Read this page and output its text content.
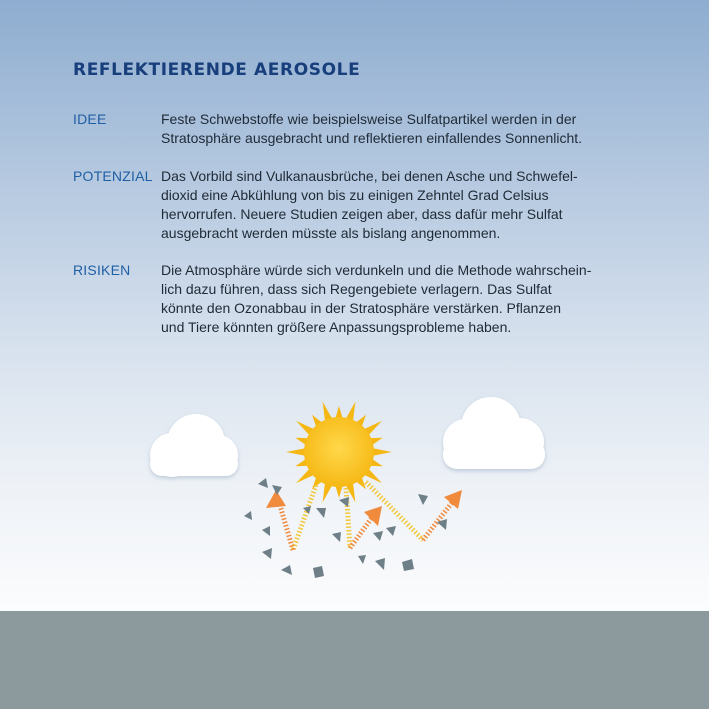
REFLEKTIERENDE AEROSOLE
IDEE	Feste Schwebstoffe wie beispielsweise Sulfatpartikel werden in der
Stratosphäre ausgebracht und reflektieren einfallendes Sonnenlicht.
POTENZIAL Das Vorbild sind Vulkanausbrüche, bei denen Asche und Schwefel-
dioxid eine Abkühlung von bis zu einigen Zehntel Grad Celsius
hervorrufen. Neuere Studien zeigen aber, dass dafür mehr Sulfat
ausgebracht werden müsste als bislang angenommen.
RISIKEN Die Atmosphäre würde sich verdunkeln und die Methode wahrschein-
lich dazu führen, dass sich Regengebiete verlagern. Das Sulfat
könnte den Ozonabbau in der Stratosphäre verstärken. Pflanzen
und Tiere könnten größere Anpassungsprobleme haben.
